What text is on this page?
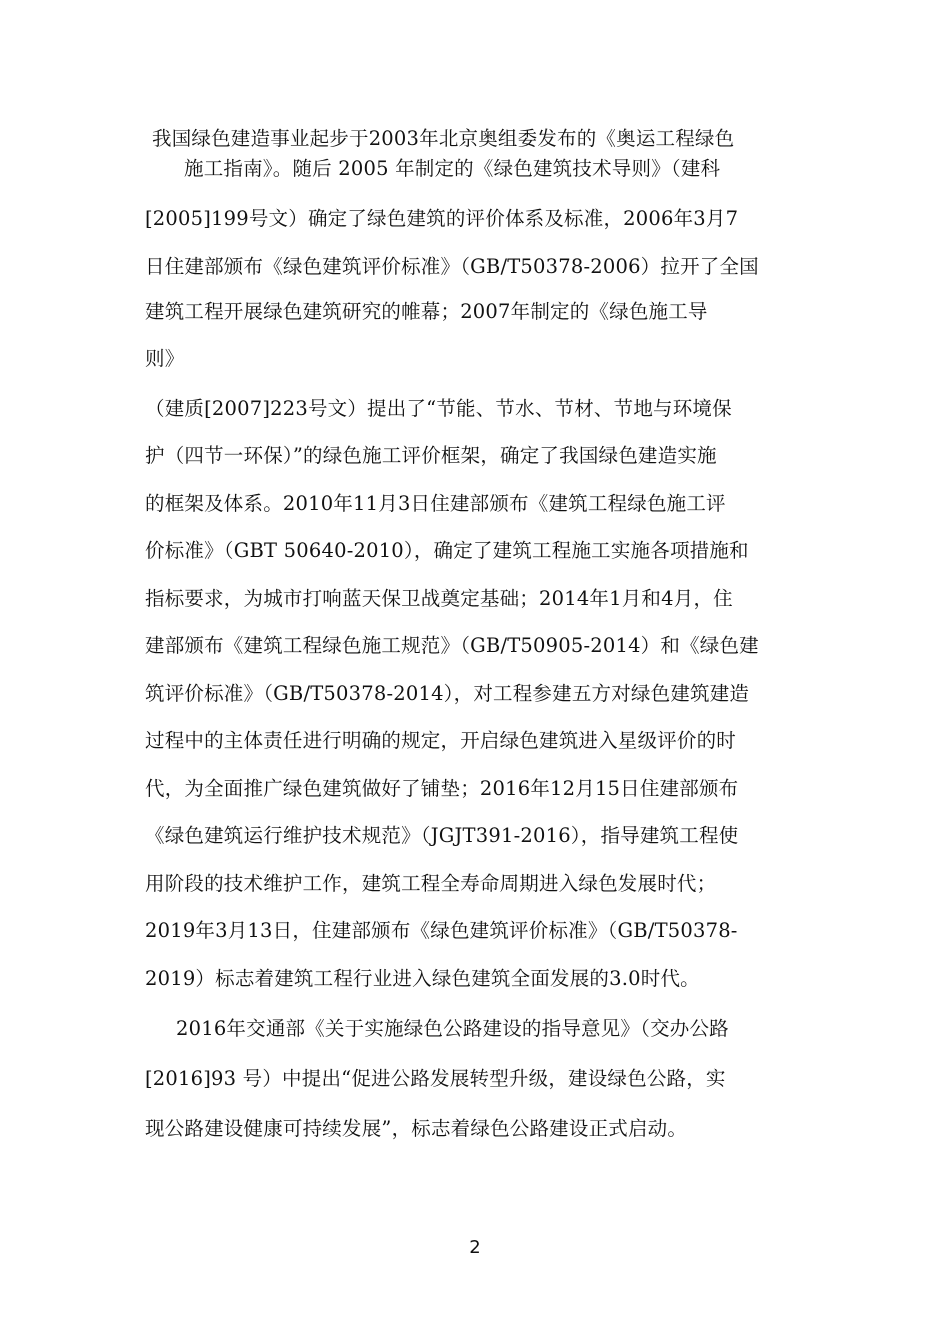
我国绿色建造事业起步于2003年北京奥组委发布的《奥运工程绿色
施工指南》。随后 2005 年制定的《绿色建筑技术导则》（建科
[2005]199号文）确定了绿色建筑的评价体系及标准，2006年3月7
日住建部颁布《绿色建筑评价标准》（GB/T50378-2006）拉开了全国
建筑工程开展绿色建筑研究的帷幕；2007年制定的《绿色施工导
则》
（建质[2007]223号文）提出了“节能、节水、节材、节地与环境保
护（四节一环保）”的绿色施工评价框架，确定了我国绿色建造实施
的框架及体系。2010年11月3日住建部颁布《建筑工程绿色施工评
价标准》（GBT 50640-2010），确定了建筑工程施工实施各项措施和
指标要求，为城市打响蓝天保卫战奠定基础；2014年1月和4月，住
建部颁布《建筑工程绿色施工规范》（GB/T50905-2014）和《绿色建
筑评价标准》（GB/T50378-2014），对工程参建五方对绿色建筑建造
过程中的主体责任进行明确的规定，开启绿色建筑进入星级评价的时
代，为全面推广绿色建筑做好了铺垫；2016年12月15日住建部颁布
《绿色建筑运行维护技术规范》（JGJT391-2016），指导建筑工程使
用阶段的技术维护工作，建筑工程全寿命周期进入绿色发展时代；
2019年3月13日，住建部颁布《绿色建筑评价标准》（GB/T50378-
2019）标志着建筑工程行业进入绿色建筑全面发展的3.0时代。
2016年交通部《关于实施绿色公路建设的指导意见》（交办公路
[2016]93 号）中提出“促进公路发展转型升级，建设绿色公路，实
现公路建设健康可持续发展”，标志着绿色公路建设正式启动。
2
